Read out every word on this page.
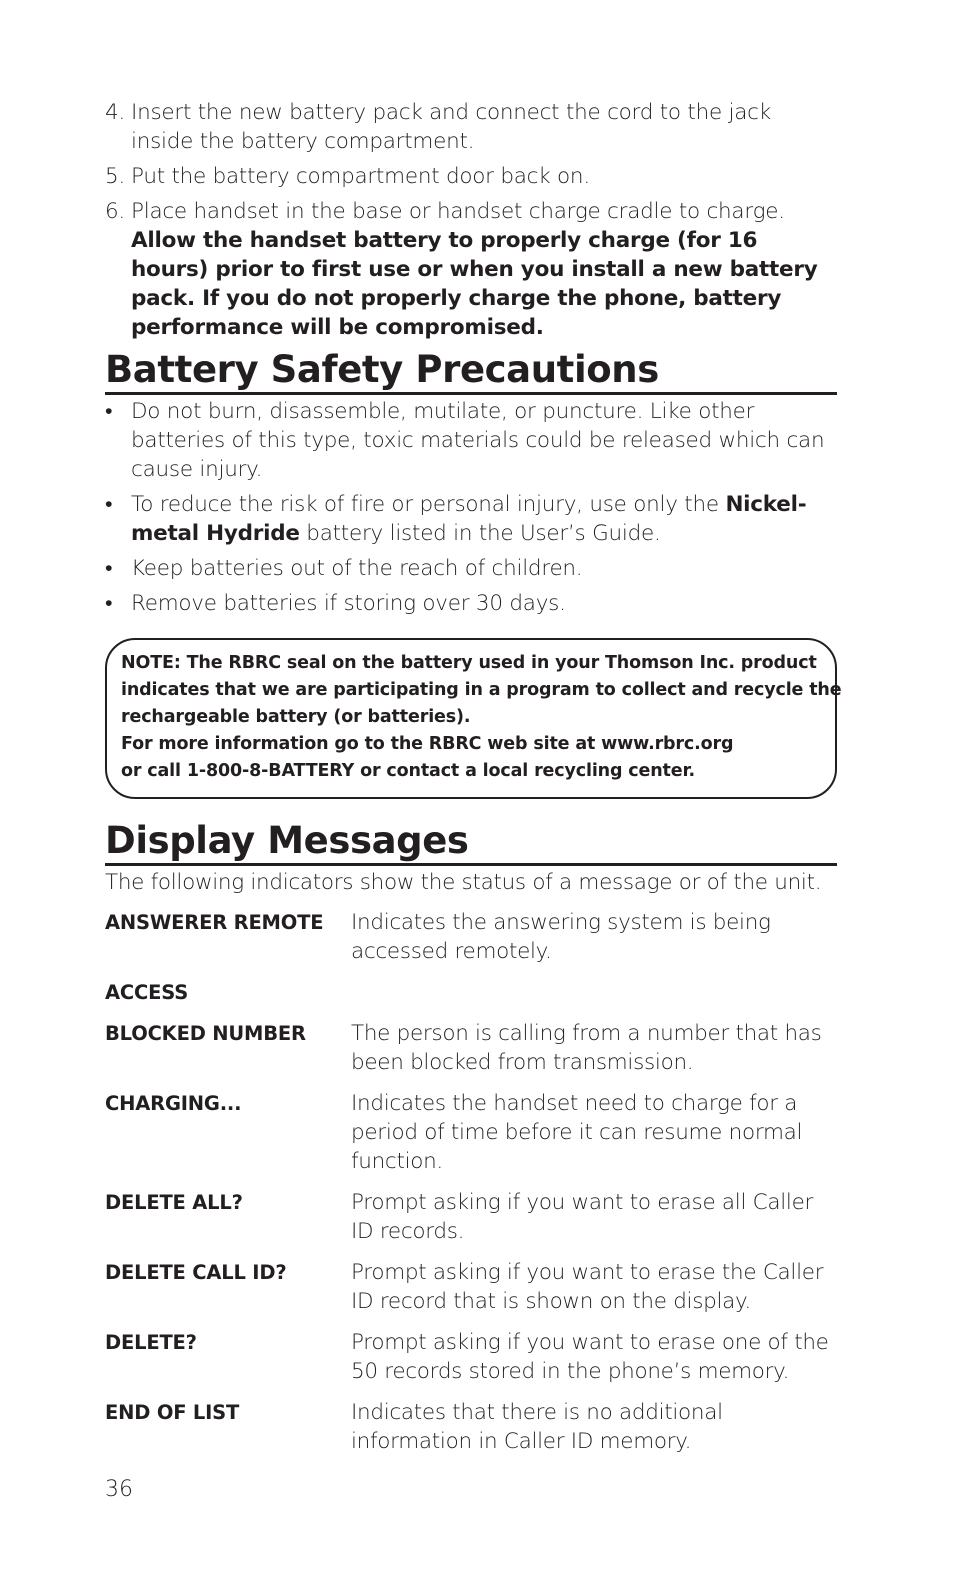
4. Insert the new battery pack and connect the cord to the jack inside the battery compartment.
5. Put the battery compartment door back on.
6. Place handset in the base or handset charge cradle to charge. Allow the handset battery to properly charge (for 16 hours) prior to first use or when you install a new battery pack. If you do not properly charge the phone, battery performance will be compromised.
Battery Safety Precautions
• Do not burn, disassemble, mutilate, or puncture. Like other batteries of this type, toxic materials could be released which can cause injury.
• To reduce the risk of fire or personal injury, use only the Nickel-metal Hydride battery listed in the User’s Guide.
• Keep batteries out of the reach of children.
• Remove batteries if storing over 30 days.
NOTE: The RBRC seal on the battery used in your Thomson Inc. product
indicates that we are participating in a program to collect and recycle the
rechargeable battery (or batteries).
For more information go to the RBRC web site at www.rbrc.org
or call 1-800-8-BATTERY or contact a local recycling center.
Display Messages
The following indicators show the status of a message or of the unit.
ANSWERER REMOTE	Indicates the answering system is being accessed remotely.
ACCESS
BLOCKED NUMBER	The person is calling from a number that has been blocked from transmission.
CHARGING...	Indicates the handset need to charge for a period of time before it can resume normal function.
DELETE ALL?	Prompt asking if you want to erase all Caller ID records.
DELETE CALL ID?	Prompt asking if you want to erase the Caller ID record that is shown on the display.
DELETE?	Prompt asking if you want to erase one of the 50 records stored in the phone’s memory.
END OF LIST	Indicates that there is no additional information in Caller ID memory.
36
